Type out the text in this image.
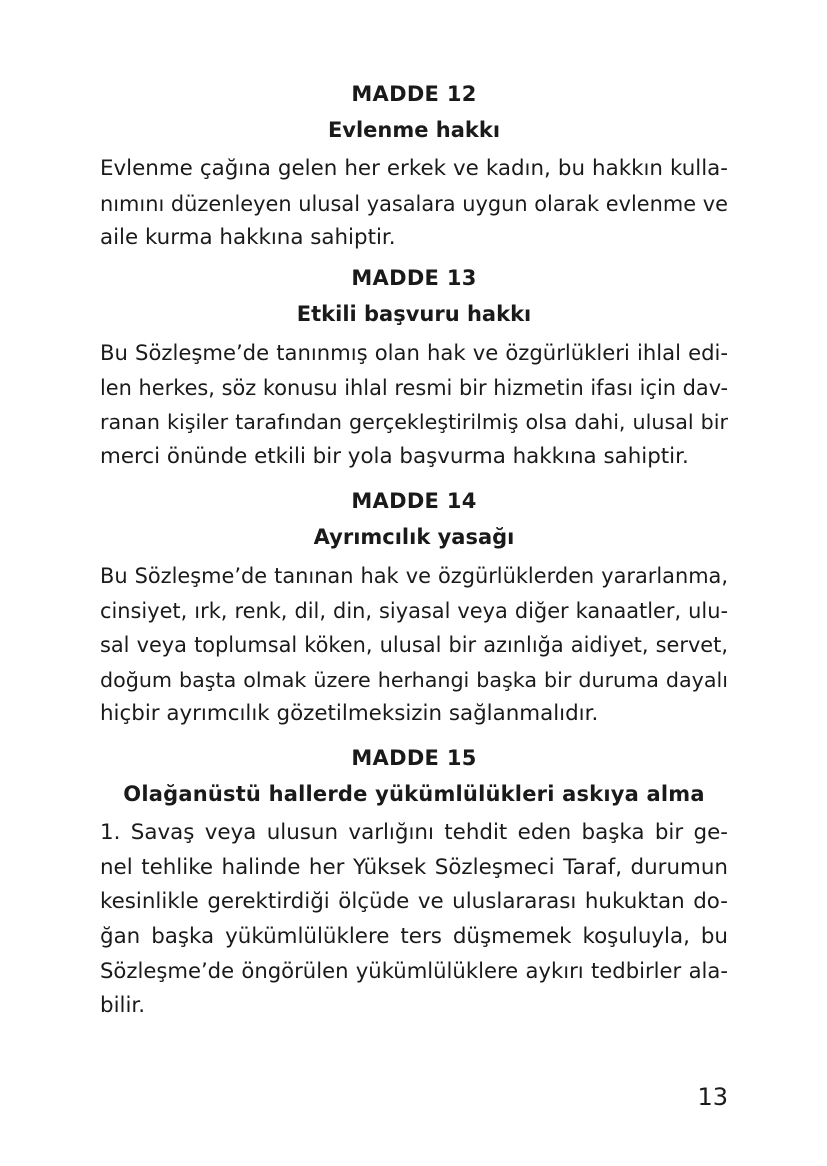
MADDE 12
Evlenme hakkı
Evlenme çağına gelen her erkek ve kadın, bu hakkın kulla-
nımını düzenleyen ulusal yasalara uygun olarak evlenme ve
aile kurma hakkına sahiptir.
MADDE 13
Etkili başvuru hakkı
Bu Sözleşme’de tanınmış olan hak ve özgürlükleri ihlal edi-
len herkes, söz konusu ihlal resmi bir hizmetin ifası için dav-
ranan kişiler tarafından gerçekleştirilmiş olsa dahi, ulusal bir
merci önünde etkili bir yola başvurma hakkına sahiptir.
MADDE 14
Ayrımcılık yasağı
Bu Sözleşme’de tanınan hak ve özgürlüklerden yararlanma,
cinsiyet, ırk, renk, dil, din, siyasal veya diğer kanaatler, ulu-
sal veya toplumsal köken, ulusal bir azınlığa aidiyet, servet,
doğum başta olmak üzere herhangi başka bir duruma dayalı
hiçbir ayrımcılık gözetilmeksizin sağlanmalıdır.
MADDE 15
Olağanüstü hallerde yükümlülükleri askıya alma
1. Savaş veya ulusun varlığını tehdit eden başka bir ge-
nel tehlike halinde her Yüksek Sözleşmeci Taraf, durumun
kesinlikle gerektirdiği ölçüde ve uluslararası hukuktan do-
ğan başka yükümlülüklere ters düşmemek koşuluyla, bu
Sözleşme’de öngörülen yükümlülüklere aykırı tedbirler ala-
bilir.
13
